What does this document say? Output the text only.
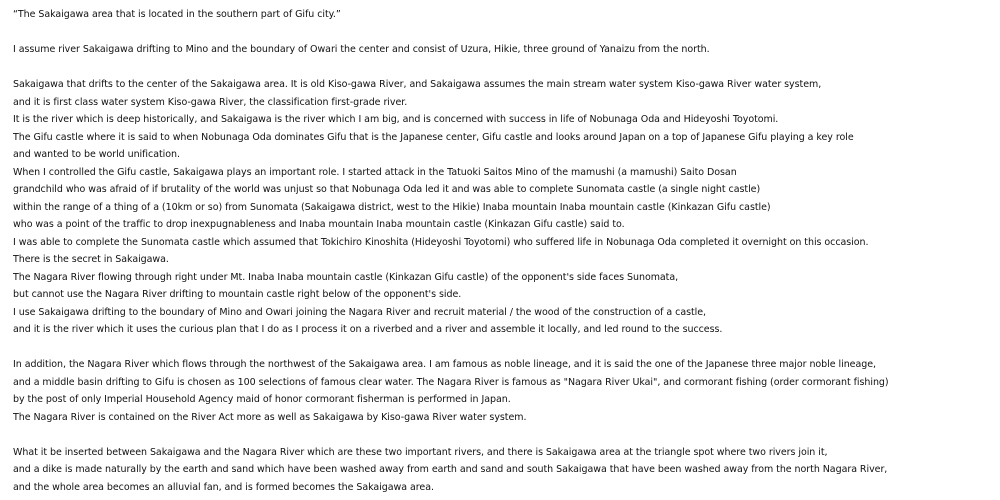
“The Sakaigawa area that is located in the southern part of Gifu city.”
I assume river Sakaigawa drifting to Mino and the boundary of Owari the center and consist of Uzura, Hikie, three ground of Yanaizu from the north.
Sakaigawa that drifts to the center of the Sakaigawa area. It is old Kiso-gawa River, and Sakaigawa assumes the main stream water system Kiso-gawa River water system,
and it is first class water system Kiso-gawa River, the classification first-grade river.
It is the river which is deep historically, and Sakaigawa is the river which I am big, and is concerned with success in life of Nobunaga Oda and Hideyoshi Toyotomi.
The Gifu castle where it is said to when Nobunaga Oda dominates Gifu that is the Japanese center, Gifu castle and looks around Japan on a top of Japanese Gifu playing a key role
and wanted to be world unification.
When I controlled the Gifu castle, Sakaigawa plays an important role. I started attack in the Tatuoki Saitos Mino of the mamushi (a mamushi) Saito Dosan
grandchild who was afraid of if brutality of the world was unjust so that Nobunaga Oda led it and was able to complete Sunomata castle (a single night castle)
within the range of a thing of a (10km or so) from Sunomata (Sakaigawa district, west to the Hikie) Inaba mountain Inaba mountain castle (Kinkazan Gifu castle)
who was a point of the traffic to drop inexpugnableness and Inaba mountain Inaba mountain castle (Kinkazan Gifu castle) said to.
I was able to complete the Sunomata castle which assumed that Tokichiro Kinoshita (Hideyoshi Toyotomi) who suffered life in Nobunaga Oda completed it overnight on this occasion.
There is the secret in Sakaigawa.
The Nagara River flowing through right under Mt. Inaba Inaba mountain castle (Kinkazan Gifu castle) of the opponent's side faces Sunomata,
but cannot use the Nagara River drifting to mountain castle right below of the opponent's side.
I use Sakaigawa drifting to the boundary of Mino and Owari joining the Nagara River and recruit material / the wood of the construction of a castle,
and it is the river which it uses the curious plan that I do as I process it on a riverbed and a river and assemble it locally, and led round to the success.
In addition, the Nagara River which flows through the northwest of the Sakaigawa area. I am famous as noble lineage, and it is said the one of the Japanese three major noble lineage,
and a middle basin drifting to Gifu is chosen as 100 selections of famous clear water. The Nagara River is famous as "Nagara River Ukai", and cormorant fishing (order cormorant fishing)
by the post of only Imperial Household Agency maid of honor cormorant fisherman is performed in Japan.
The Nagara River is contained on the River Act more as well as Sakaigawa by Kiso-gawa River water system.
What it be inserted between Sakaigawa and the Nagara River which are these two important rivers, and there is Sakaigawa area at the triangle spot where two rivers join it,
and a dike is made naturally by the earth and sand which have been washed away from earth and sand and south Sakaigawa that have been washed away from the north Nagara River,
and the whole area becomes an alluvial fan, and is formed becomes the Sakaigawa area.
